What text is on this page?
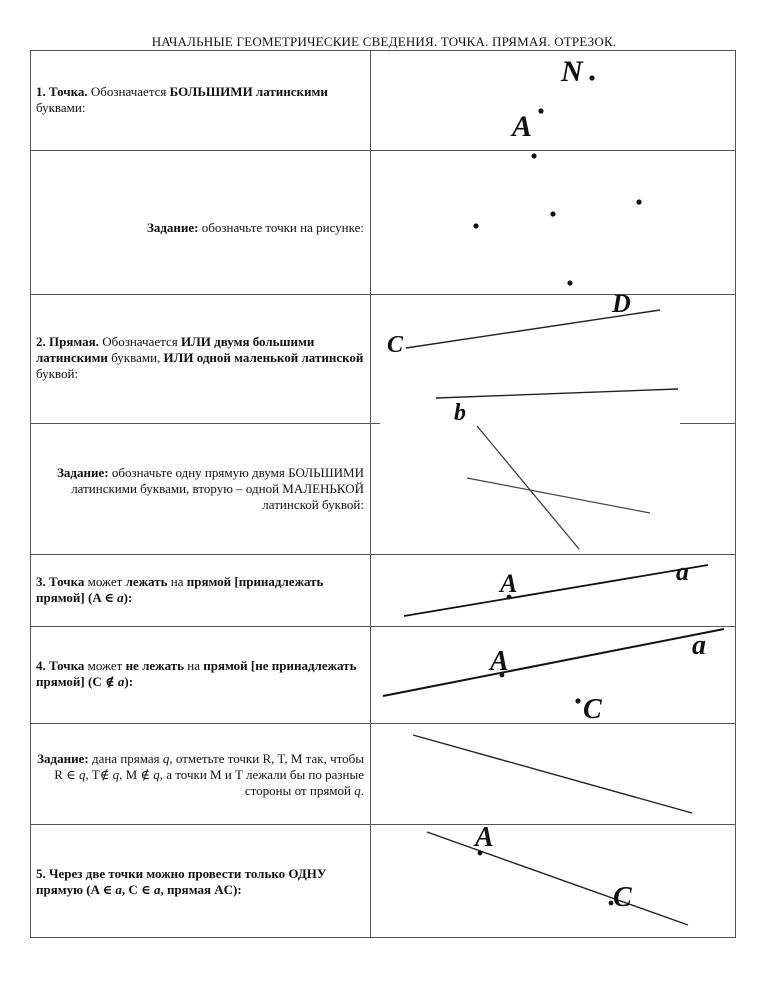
НАЧАЛЬНЫЕ ГЕОМЕТРИЧЕСКИЕ СВЕДЕНИЯ. ТОЧКА. ПРЯМАЯ. ОТРЕЗОК.
1. Точка. Обозначается БОЛЬШИМИ латинскими буквами:
Задание: обозначьте точки на рисунке:
2. Прямая. Обозначается ИЛИ двумя большими латинскими буквами, ИЛИ одной маленькой латинской буквой:
Задание: обозначьте одну прямую двумя БОЛЬШИМИ латинскими буквами, вторую – одной МАЛЕНЬКОЙ латинской буквой:
3. Точка может лежать на прямой [принадлежать прямой] (A ∈ a):
4. Точка может не лежать на прямой [не принадлежать прямой] (C ∉ a):
Задание: дана прямая q, отметьте точки R, T, M так, чтобы R ∈ q, T∉ q, M ∉ q, а точки M и T лежали бы по разные стороны от прямой q.
5. Через две точки можно провести только ОДНУ прямую (A ∈ a, C ∈ a, прямая AC):
N
A
C
D
b
A	a
A
a
C
A
C
